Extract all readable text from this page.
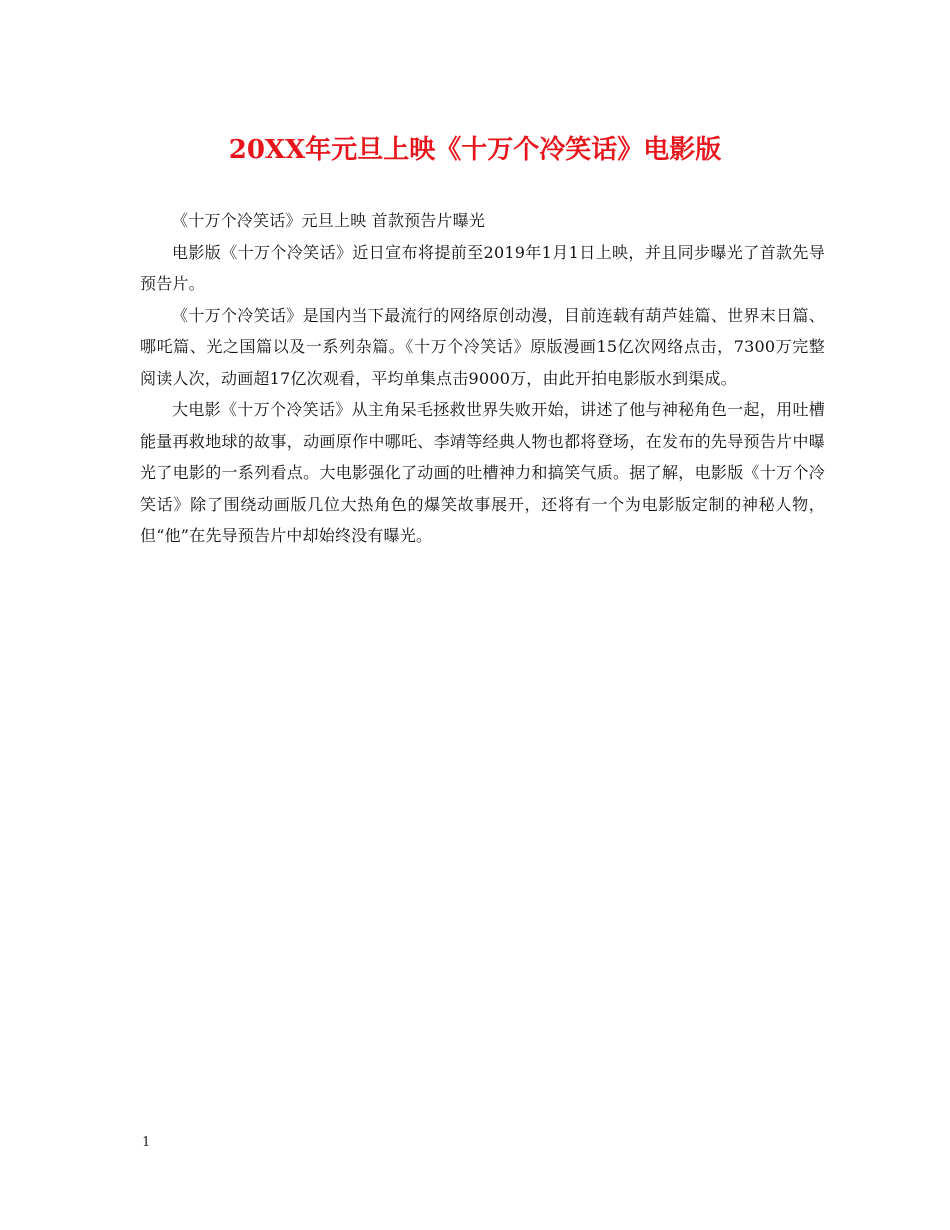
20XX年元旦上映《十万个冷笑话》电影版

《十万个冷笑话》元旦上映 首款预告片曝光

电影版《十万个冷笑话》近日宣布将提前至2019年1月1日上映，并且同步曝光了首款先导预告片。

《十万个冷笑话》是国内当下最流行的网络原创动漫，目前连载有葫芦娃篇、世界末日篇、哪吒篇、光之国篇以及一系列杂篇。《十万个冷笑话》原版漫画15亿次网络点击，7300万完整阅读人次，动画超17亿次观看，平均单集点击9000万，由此开拍电影版水到渠成。

大电影《十万个冷笑话》从主角呆毛拯救世界失败开始，讲述了他与神秘角色一起，用吐槽能量再救地球的故事，动画原作中哪吒、李靖等经典人物也都将登场，在发布的先导预告片中曝光了电影的一系列看点。大电影强化了动画的吐槽神力和搞笑气质。据了解，电影版《十万个冷笑话》除了围绕动画版几位大热角色的爆笑故事展开，还将有一个为电影版定制的神秘人物，但“他”在先导预告片中却始终没有曝光。

1
